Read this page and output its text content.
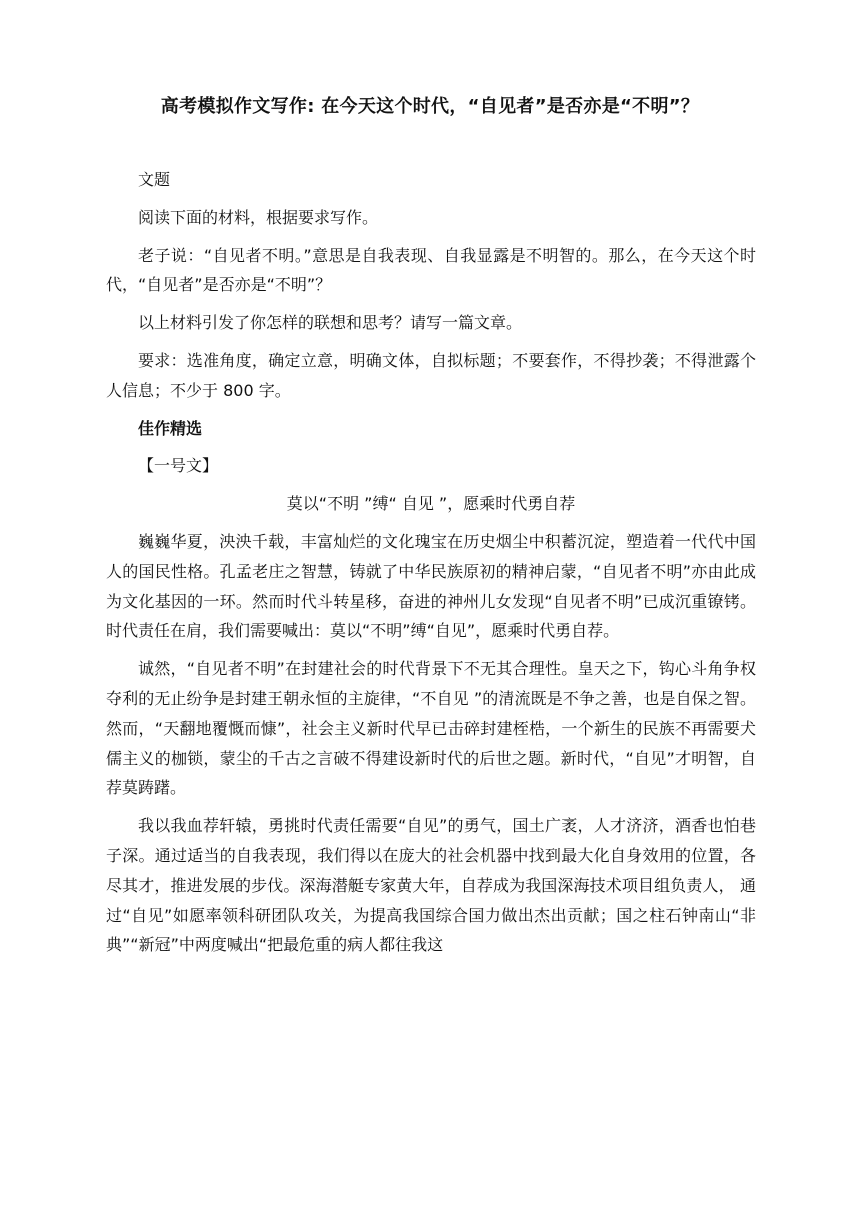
高考模拟作文写作: 在今天这个时代，“自见者”是否亦是“不明”？

文题

阅读下面的材料，根据要求写作。

老子说：“自见者不明。”意思是自我表现、自我显露是不明智的。那么，在今天这个时代，“自见者”是否亦是“不明”？

以上材料引发了你怎样的联想和思考？请写一篇文章。

要求：选准角度，确定立意，明确文体，自拟标题；不要套作，不得抄袭；不得泄露个 人信息；不少于 800 字。

佳作精选

【一号文】

莫以“不明 ”缚“ 自见 ”，愿乘时代勇自荐

巍巍华夏，泱泱千载，丰富灿烂的文化瑰宝在历史烟尘中积蓄沉淀，塑造着一代代中国人的国民性格。孔孟老庄之智慧，铸就了中华民族原初的精神启蒙，“自见者不明”亦由此成为文化基因的一环。然而时代斗转星移，奋进的神州儿女发现“自见者不明”已成沉重镣铐。时代责任在肩，我们需要喊出：莫以“不明”缚“自见”，愿乘时代勇自荐。

诚然，“自见者不明”在封建社会的时代背景下不无其合理性。皇天之下，钩心斗角争权夺利的无止纷争是封建王朝永恒的主旋律，“不自见 ”的清流既是不争之善，也是自保之智。然而，“天翻地覆慨而慷”，社会主义新时代早已击碎封建桎梏，一个新生的民族不再需要犬儒主义的枷锁，蒙尘的千古之言破不得建设新时代的后世之题。新时代，“自见”才明智，自荐莫踌躇。

我以我血荐轩辕，勇挑时代责任需要“自见”的勇气，国土广袤，人才济济，酒香也怕巷子深。通过适当的自我表现，我们得以在庞大的社会机器中找到最大化自身效用的位置，各尽其才，推进发展的步伐。深海潜艇专家黄大年，自荐成为我国深海技术项目组负责人， 通过“自见”如愿率领科研团队攻关，为提高我国综合国力做出杰出贡献；国之柱石钟南山“非典”“新冠”中两度喊出“把最危重的病人都往我这
